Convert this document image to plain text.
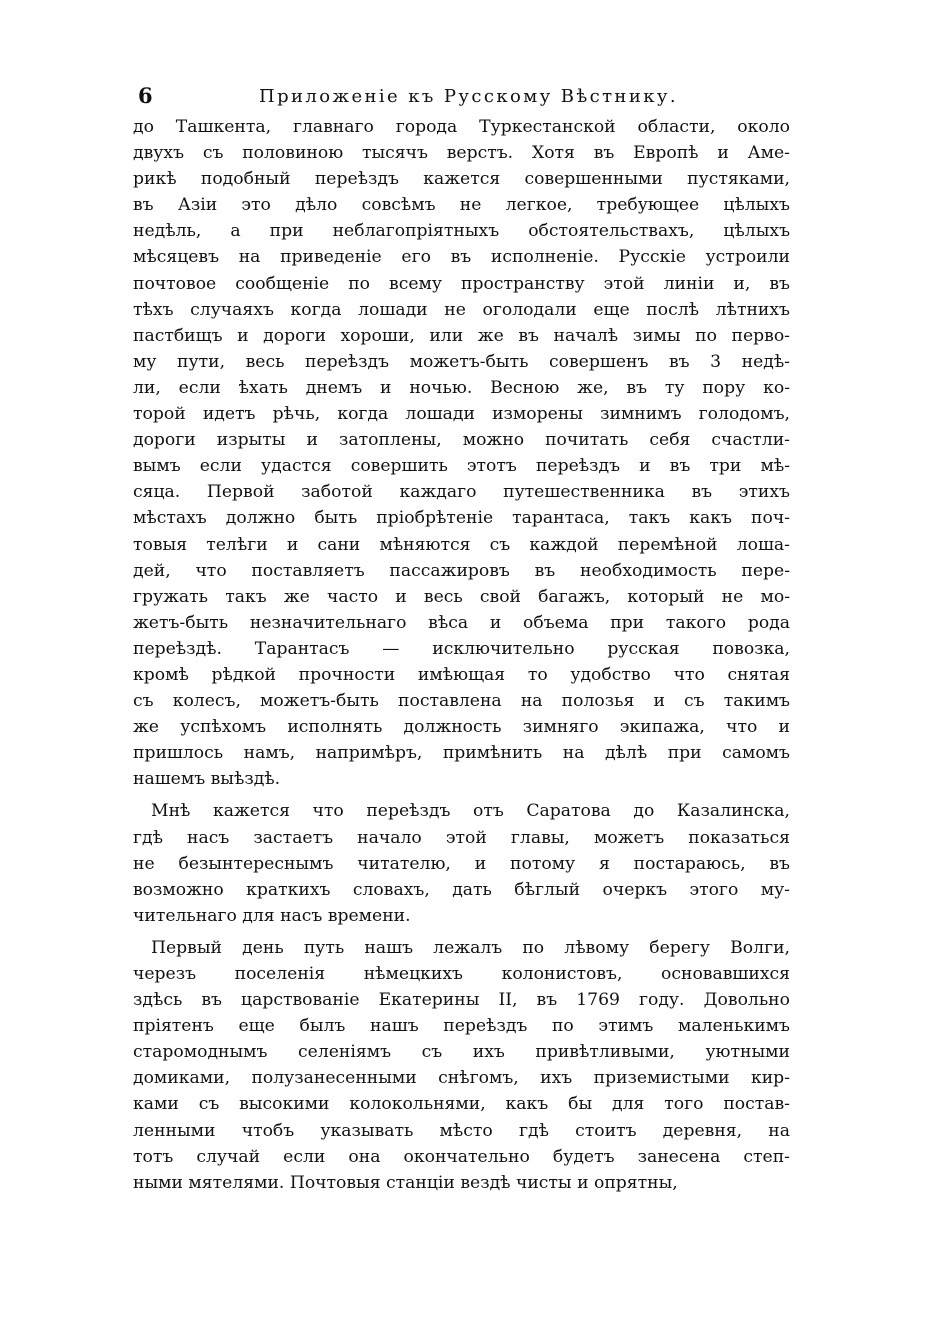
6	Приложеніе къ Русскому Вѣстнику.
до Ташкента, главнаго города Туркестанской области, около
двухъ съ половиною тысячъ верстъ. Хотя въ Европѣ и Аме-
рикѣ подобный переѣздъ кажется совершенными пустяками,
въ Азіи это дѣло совсѣмъ не легкое, требующее цѣлыхъ
недѣль, а при неблагопріятныхъ обстоятельствахъ, цѣлыхъ
мѣсяцевъ на приведеніе его въ исполненіе. Русскіе устроили
почтовое сообщеніе по всему пространству этой линіи и, въ
тѣхъ случаяхъ когда лошади не оголодали еще послѣ лѣтнихъ
пастбищъ и дороги хороши, или же въ началѣ зимы по перво-
му пути, весь переѣздъ можетъ-быть совершенъ въ 3 недѣ-
ли, если ѣхать днемъ и ночью. Весною же, въ ту пору ко-
торой идетъ рѣчь, когда лошади изморены зимнимъ голодомъ,
дороги изрыты и затоплены, можно почитать себя счастли-
вымъ если удастся совершить этотъ переѣздъ и въ три мѣ-
сяца. Первой заботой каждаго путешественника въ этихъ
мѣстахъ должно быть пріобрѣтеніе тарантаса, такъ какъ поч-
товыя телѣги и сани мѣняются съ каждой перемѣной лоша-
дей, что поставляетъ пассажировъ въ необходимость пере-
гружать такъ же часто и весь свой багажъ, который не мо-
жетъ-быть незначительнаго вѣса и объема при такого рода
переѣздѣ. Тарантасъ — исключительно русская повозка,
кромѣ рѣдкой прочности имѣющая то удобство что снятая
съ колесъ, можетъ-быть поставлена на полозья и съ такимъ
же успѣхомъ исполнять должность зимняго экипажа, что и
пришлось намъ, напримѣръ, примѣнить на дѣлѣ при самомъ
нашемъ выѣздѣ.
Мнѣ кажется что переѣздъ отъ Саратова до Казалинска,
гдѣ насъ застаетъ начало этой главы, можетъ показаться
не безынтереснымъ читателю, и потому я постараюсь, въ
возможно краткихъ словахъ, дать бѣглый очеркъ этого му-
чительнаго для насъ времени.
Первый день путь нашъ лежалъ по лѣвому берегу Волги,
черезъ поселенія нѣмецкихъ колонистовъ, основавшихся
здѣсь въ царствованіе Екатерины II, въ 1769 году. Довольно
пріятенъ еще былъ нашъ переѣздъ по этимъ маленькимъ
старомоднымъ селеніямъ съ ихъ привѣтливыми, уютными
домиками, полузанесенными снѣгомъ, ихъ приземистыми кир-
ками съ высокими колокольнями, какъ бы для того постав-
ленными чтобъ указывать мѣсто гдѣ стоитъ деревня, на
тотъ случай если она окончательно будетъ занесена степ-
ными мятелями. Почтовыя станціи вездѣ чисты и опрятны,
